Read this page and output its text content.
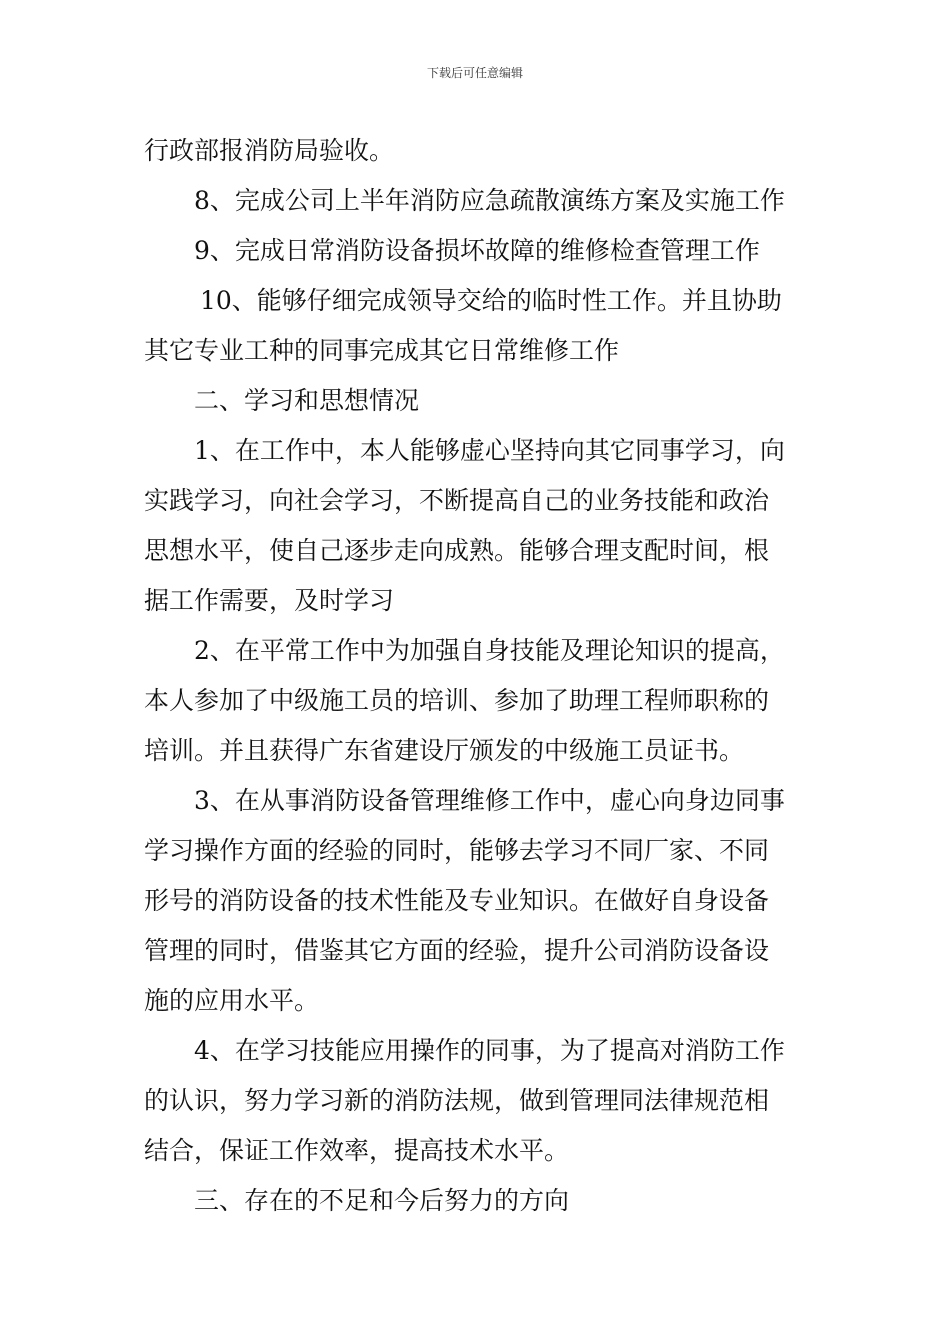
下载后可任意编辑
行政部报消防局验收。
8、完成公司上半年消防应急疏散演练方案及实施工作
9、完成日常消防设备损坏故障的维修检查管理工作
10、能够仔细完成领导交给的临时性工作。并且协助
其它专业工种的同事完成其它日常维修工作
二、学习和思想情况
1、在工作中，本人能够虚心坚持向其它同事学习，向
实践学习，向社会学习，不断提高自己的业务技能和政治
思想水平，使自己逐步走向成熟。能够合理支配时间，根
据工作需要，及时学习
2、在平常工作中为加强自身技能及理论知识的提高，
本人参加了中级施工员的培训、参加了助理工程师职称的
培训。并且获得广东省建设厅颁发的中级施工员证书。
3、在从事消防设备管理维修工作中，虚心向身边同事
学习操作方面的经验的同时，能够去学习不同厂家、不同
形号的消防设备的技术性能及专业知识。在做好自身设备
管理的同时，借鉴其它方面的经验，提升公司消防设备设
施的应用水平。
4、在学习技能应用操作的同事，为了提高对消防工作
的认识，努力学习新的消防法规，做到管理同法律规范相
结合，保证工作效率，提高技术水平。
三、存在的不足和今后努力的方向
